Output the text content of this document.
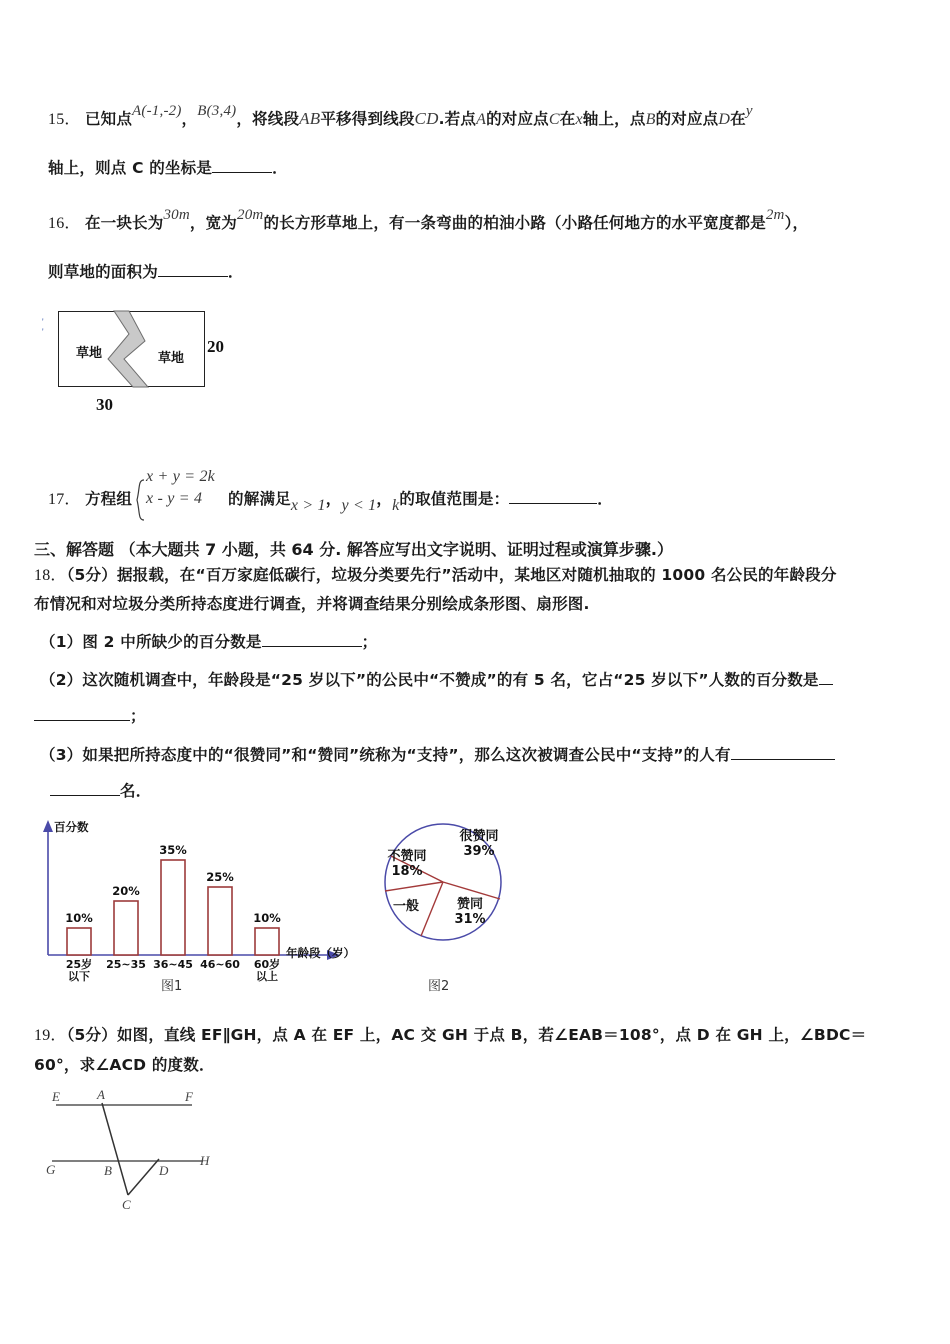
15． 已知点A(-1,-2)，B(3,4)，将线段AB平移得到线段CD.若点A的对应点C在x轴上，点B的对应点D在y
轴上，则点 C 的坐标是	．
16． 在一块长为30m，宽为20m的长方形草地上，有一条弯曲的柏油小路（小路任何地方的水平宽度都是2m），
则草地的面积为	．
'
'
草地	草地
20
30
17． 方程组
x + y = 2k
x - y = 4 的解满足x > 1，y < 1，k的取值范围是：	．
三、解答题 （本大题共 7 小题，共 64 分. 解答应写出文字说明、证明过程或演算步骤.）
18．（5分）据报载，在“百万家庭低碳行，垃圾分类要先行”活动中，某地区对随机抽取的 1000 名公民的年龄段分
布情况和对垃圾分类所持态度进行调查，并将调查结果分别绘成条形图、扇形图.
（1）图 2 中所缺少的百分数是	；
（2）这次随机调查中，年龄段是“25 岁以下”的公民中“不赞成”的有 5 名，它占“25 岁以下”人数的百分数是
；
（3）如果把所持态度中的“很赞同”和“赞同”统称为“支持”，那么这次被调查公民中“支持”的人有
名．
百分数
年龄段（岁）
10%
20%
35%
25%
10%
25岁
以下
25~35 36~45 46~60	60岁
以上
图1
很赞同
39%
不赞同
18%
一般	赞同
31%
图2
19．（5分）如图，直线 EF∥GH，点 A 在 EF 上，AC 交 GH 于点 B，若∠EAB＝108°，点 D 在 GH 上，∠BDC＝
60°，求∠ACD 的度数．
E	A	F
G	B	D
H
C
